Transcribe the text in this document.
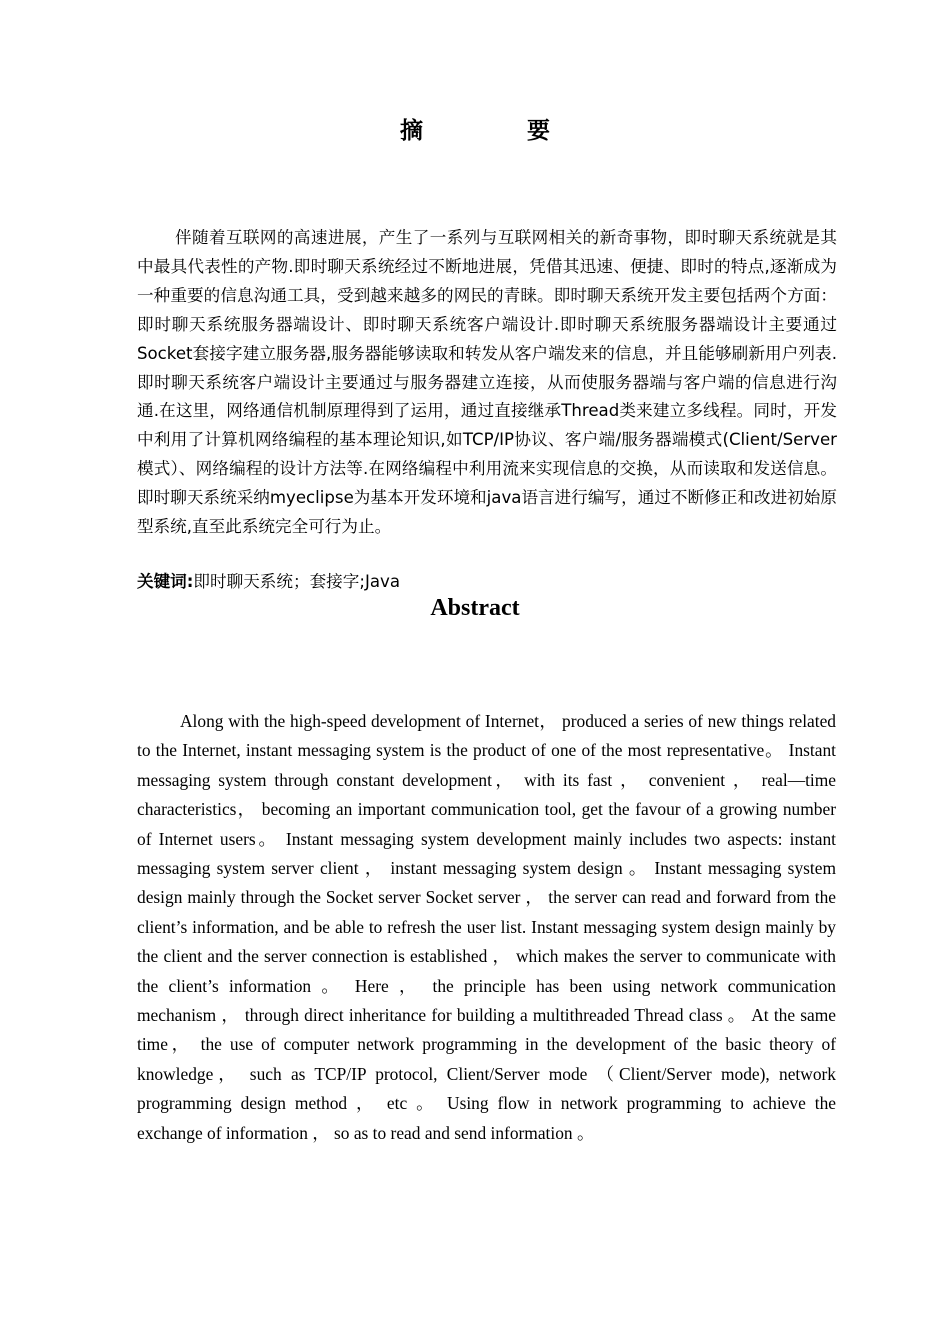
摘	要

伴随着互联网的高速进展，产生了一系列与互联网相关的新奇事物，即时聊天系统就是其中最具代表性的产物.即时聊天系统经过不断地进展，凭借其迅速、便捷、即时的特点,逐渐成为一种重要的信息沟通工具，受到越来越多的网民的青睐。即时聊天系统开发主要包括两个方面：即时聊天系统服务器端设计、即时聊天系统客户端设计.即时聊天系统服务器端设计主要通过Socket套接字建立服务器,服务器能够读取和转发从客户端发来的信息，并且能够刷新用户列表.即时聊天系统客户端设计主要通过与服务器建立连接，从而使服务器端与客户端的信息进行沟通.在这里，网络通信机制原理得到了运用，通过直接继承Thread类来建立多线程。同时，开发中利用了计算机网络编程的基本理论知识,如TCP/IP协议、客户端/服务器端模式(Client/Server模式）、网络编程的设计方法等.在网络编程中利用流来实现信息的交换，从而读取和发送信息。即时聊天系统采纳myeclipse为基本开发环境和java语言进行编写，通过不断修正和改进初始原型系统,直至此系统完全可行为止。

关键词:即时聊天系统；套接字;Java

Abstract

Along with the high-speed development of Internet， produced a series of new things related to the Internet, instant messaging system is the product of one of the most representative。 Instant messaging system through constant development， with its fast ， convenient ， real—time characteristics， becoming an important communication tool, get the favour of a growing number of Internet users。 Instant messaging system development mainly includes two aspects: instant messaging system server client ， instant messaging system design 。 Instant messaging system design mainly through the Socket server Socket server ， the server can read and forward from the client’s information, and be able to refresh the user list. Instant messaging system design mainly by the client and the server connection is established ， which makes the server to communicate with the client’s information 。 Here ， the principle has been using network communication mechanism ， through direct inheritance for building a multithreaded Thread class 。 At the same time， the use of computer network programming in the development of the basic theory of knowledge， such as TCP/IP protocol, Client/Server mode （Client/Server mode), network programming design method ， etc 。 Using flow in network programming to achieve the exchange of information ， so as to read and send information 。
